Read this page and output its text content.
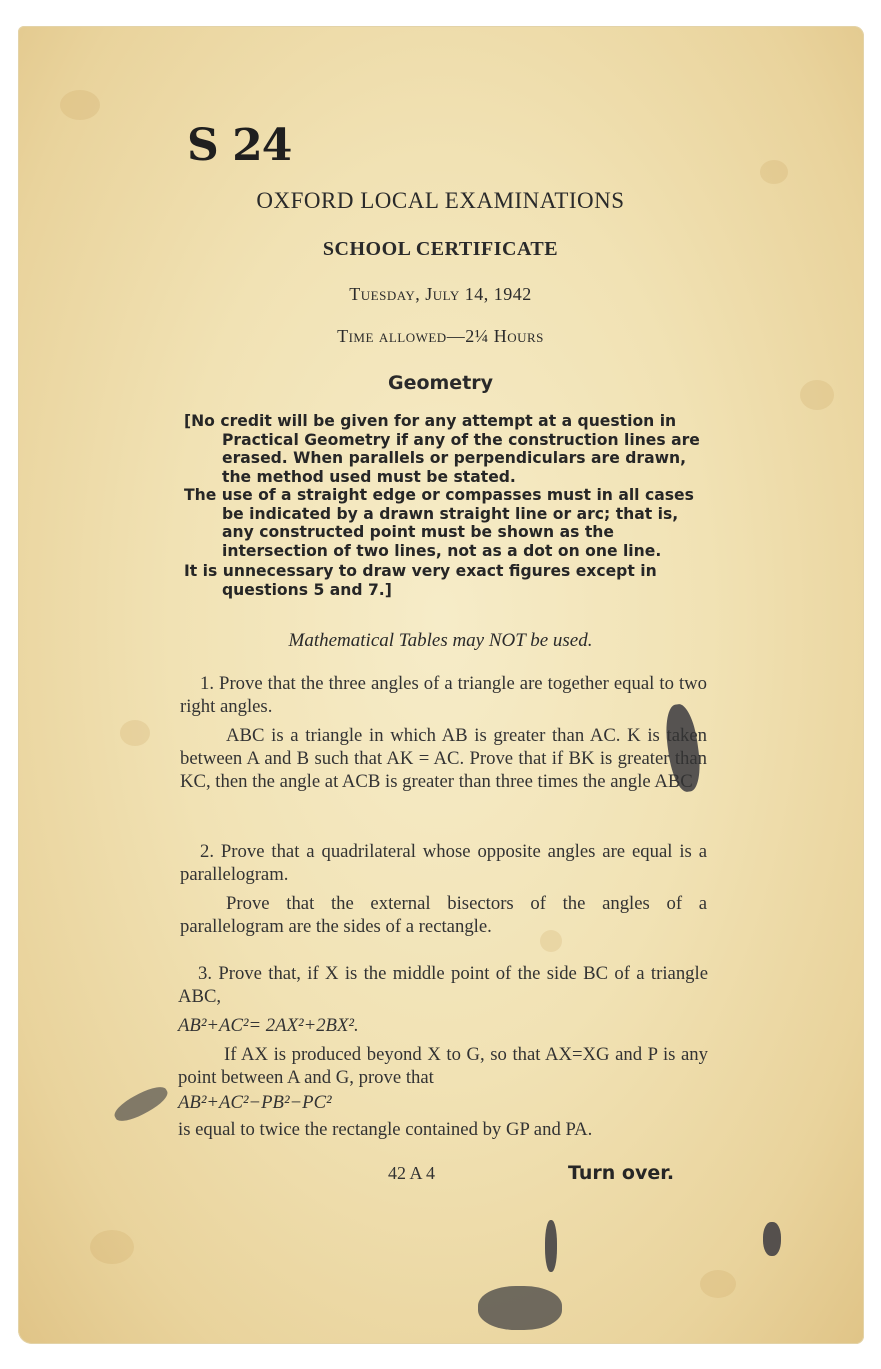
S 24
OXFORD LOCAL EXAMINATIONS
SCHOOL CERTIFICATE
Tuesday, July 14, 1942
Time allowed—2¼ Hours
Geometry

[No credit will be given for any attempt at a question in Practical Geometry if any of the construction lines are erased. When parallels or perpendiculars are drawn, the method used must be stated.

The use of a straight edge or compasses must in all cases be indicated by a drawn straight line or arc; that is, any constructed point must be shown as the intersection of two lines, not as a dot on one line.

It is unnecessary to draw very exact figures except in questions 5 and 7.]

Mathematical Tables may NOT be used.

1. Prove that the three angles of a triangle are together equal to two right angles.

ABC is a triangle in which AB is greater than AC. K is taken between A and B such that AK = AC. Prove that if BK is greater than KC, then the angle at ACB is greater than three times the angle ABC

2. Prove that a quadrilateral whose opposite angles are equal is a parallelogram.

Prove that the external bisectors of the angles of a parallelogram are the sides of a rectangle.

3. Prove that, if X is the middle point of the side BC of a triangle ABC,

AB²+AC²= 2AX²+2BX².

If AX is produced beyond X to G, so that AX=XG and P is any point between A and G, prove that

AB²+AC²−PB²−PC²

is equal to twice the rectangle contained by GP and PA.

42 A 4	Turn over.
